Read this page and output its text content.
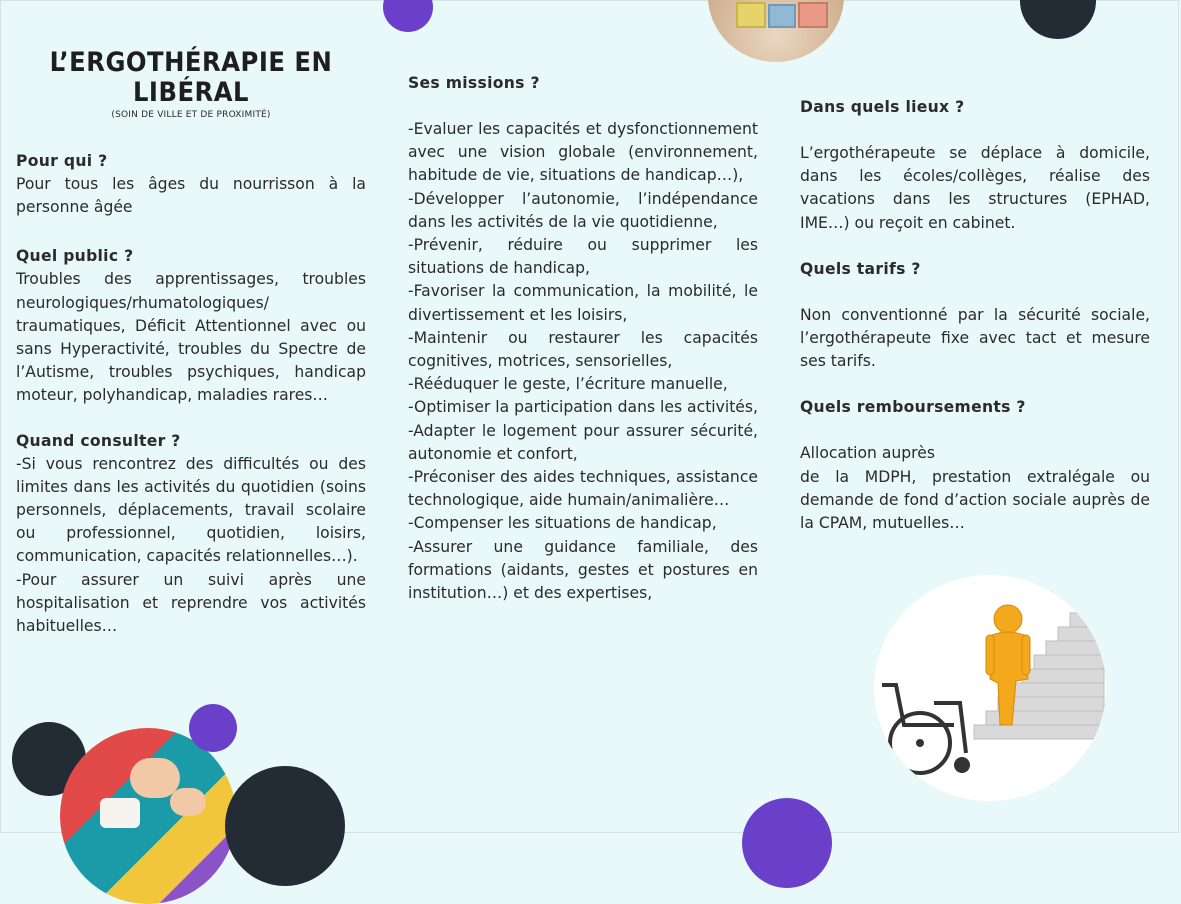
L’ERGOTHÉRAPIE EN LIBÉRAL
(SOIN DE VILLE ET DE PROXIMITÉ)

Pour qui ?

Pour tous les âges du nourrisson à la personne âgée

Quel public ?

Troubles des apprentissages, troubles neurologiques/rhumatologiques/ traumatiques, Déficit Attentionnel avec ou sans Hyperactivité, troubles du Spectre de l’Autisme, troubles psychiques, handicap moteur, polyhandicap, maladies rares…

Quand consulter ?

-Si vous rencontrez des difficultés ou des limites dans les activités du quotidien (soins personnels, déplacements, travail scolaire ou professionnel, quotidien, loisirs, communication, capacités relationnelles…).

-Pour assurer un suivi après une hospitalisation et reprendre vos activités habituelles…

Ses missions ?

-Evaluer les capacités et dysfonctionnement avec une vision globale (environnement, habitude de vie, situations de handicap…),

-Développer l’autonomie, l’indépendance dans les activités de la vie quotidienne,

-Prévenir, réduire ou supprimer les situations de handicap,

-Favoriser la communication, la mobilité, le divertissement et les loisirs,

-Maintenir ou restaurer les capacités cognitives, motrices, sensorielles,

-Rééduquer le geste, l’écriture manuelle,

-Optimiser la participation dans les activités,

-Adapter le logement pour assurer sécurité, autonomie et confort,

-Préconiser des aides techniques, assistance technologique, aide humain/animalière…

-Compenser les situations de handicap,

-Assurer une guidance familiale, des formations (aidants, gestes et postures en institution…) et des expertises,

Dans quels lieux ?

L’ergothérapeute se déplace à domicile, dans les écoles/collèges, réalise des vacations dans les structures (EPHAD, IME…) ou reçoit en cabinet.

Quels tarifs ?

Non conventionné par la sécurité sociale, l’ergothérapeute fixe avec tact et mesure ses tarifs.

Quels remboursements ?

Allocation auprès

de la MDPH, prestation extralégale ou demande de fond d’action sociale auprès de la CPAM, mutuelles…
